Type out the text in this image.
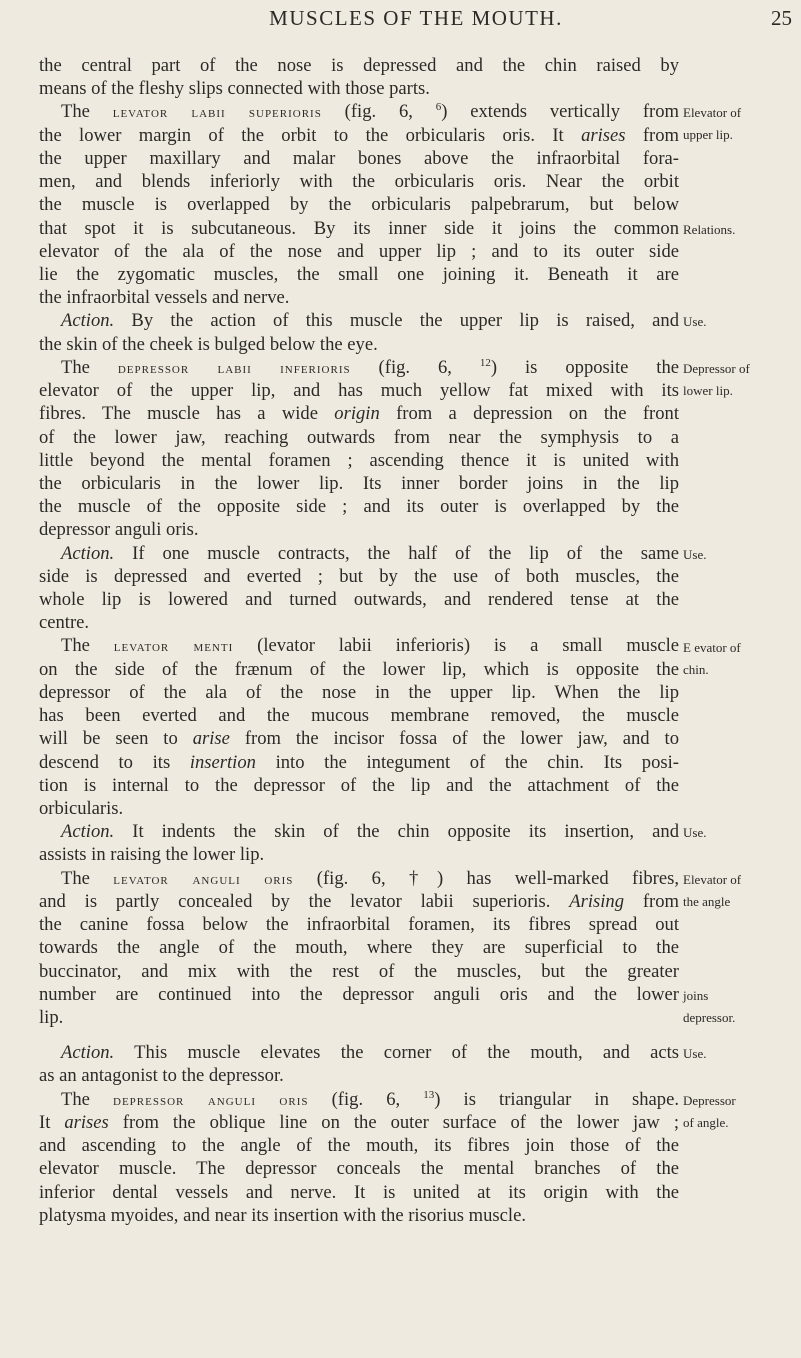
MUSCLES OF THE MOUTH.	25
the central part of the nose is depressed and the chin raised by
means of the fleshy slips connected with those parts.
The levator labii superioris (fig. 6, $^6$) extends vertically from
the lower margin of the orbit to the orbicularis oris. It arises from
the upper maxillary and malar bones above the infraorbital fora-
men, and blends inferiorly with the orbicularis oris. Near the orbit
the muscle is overlapped by the orbicularis palpebrarum, but below
that spot it is subcutaneous. By its inner side it joins the common
elevator of the ala of the nose and upper lip ; and to its outer side
lie the zygomatic muscles, the small one joining it. Beneath it are
the infraorbital vessels and nerve.
Action. By the action of this muscle the upper lip is raised, and
the skin of the cheek is bulged below the eye.
The depressor labii inferioris (fig. 6, $^{12}$) is opposite the
elevator of the upper lip, and has much yellow fat mixed with its
fibres. The muscle has a wide origin from a depression on the front
of the lower jaw, reaching outwards from near the symphysis to a
little beyond the mental foramen ; ascending thence it is united with
the orbicularis in the lower lip. Its inner border joins in the lip
the muscle of the opposite side ; and its outer is overlapped by the
depressor anguli oris.
Action. If one muscle contracts, the half of the lip of the same
side is depressed and everted ; but by the use of both muscles, the
whole lip is lowered and turned outwards, and rendered tense at the
centre.
The levator menti (levator labii inferioris) is a small muscle
on the side of the frænum of the lower lip, which is opposite the
depressor of the ala of the nose in the upper lip. When the lip
has been everted and the mucous membrane removed, the muscle
will be seen to arise from the incisor fossa of the lower jaw, and to
descend to its insertion into the integument of the chin. Its posi-
tion is internal to the depressor of the lip and the attachment of the
orbicularis.
Action. It indents the skin of the chin opposite its insertion, and
assists in raising the lower lip.
The levator anguli oris (fig. 6, †) has well-marked fibres,
and is partly concealed by the levator labii superioris. Arising from
the canine fossa below the infraorbital foramen, its fibres spread out
towards the angle of the mouth, where they are superficial to the
buccinator, and mix with the rest of the muscles, but the greater
number are continued into the depressor anguli oris and the lower
lip.
Action. This muscle elevates the corner of the mouth, and acts
as an antagonist to the depressor.
The depressor anguli oris (fig. 6, $^{13}$) is triangular in shape.
It arises from the oblique line on the outer surface of the lower jaw ;
and ascending to the angle of the mouth, its fibres join those of the
elevator muscle. The depressor conceals the mental branches of the
inferior dental vessels and nerve. It is united at its origin with the
platysma myoides, and near its insertion with the risorius muscle.
Elevator of
upper lip.
Relations.
Use.
Depressor of
lower lip.
Use.
E evator of
chin.
Use.
Elevator of
the angle
joins
depressor.
Use.
Depressor
of angle.
